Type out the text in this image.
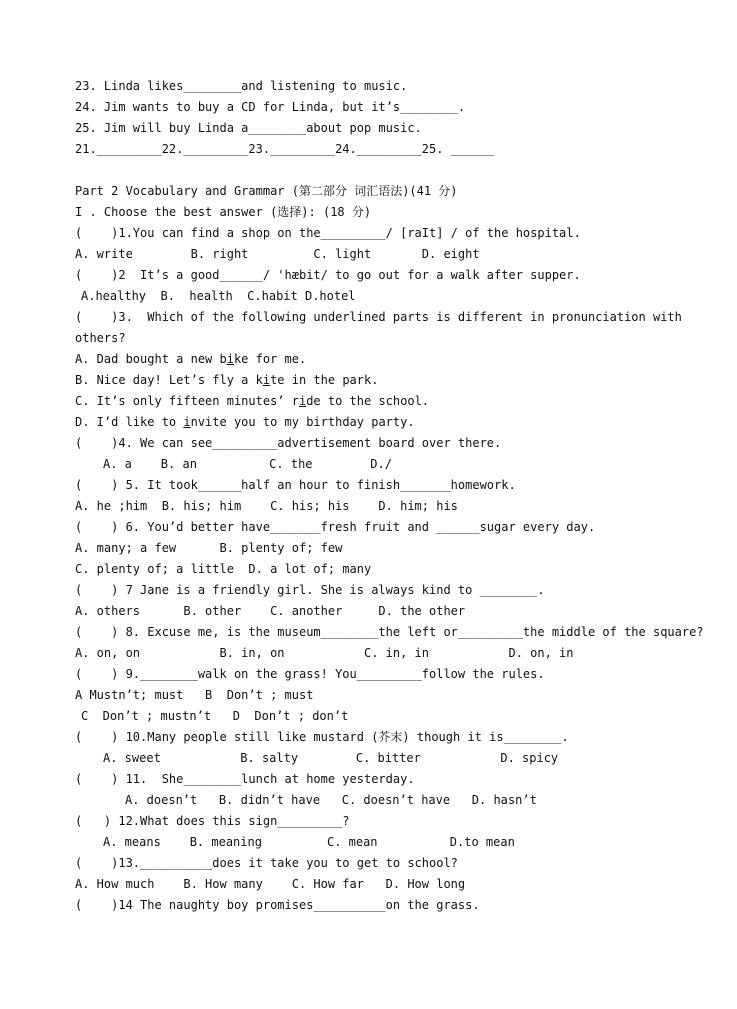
23. Linda likes________and listening to music.
24. Jim wants to buy a CD for Linda, but it’s________.
25. Jim will buy Linda a________about pop music.
21._________22._________23._________24._________25. ______
Part 2 Vocabulary and Grammar (第二部分 词汇语法)(41 分)
I . Choose the best answer (选择): (18 分)
(    )1.You can find a shop on the_________/ [raIt] / of the hospital.
A. write        B. right         C. light       D. eight
(    )2  It’s a good______/ 'hæbit/ to go out for a walk after supper.
A.healthy  B.  health  C.habit D.hotel
(    )3.  Which of the following underlined parts is different in pronunciation with
others?
A. Dad bought a new bike for me.
B. Nice day! Let’s fly a kite in the park.
C. It’s only fifteen minutes’ ride to the school.
D. I’d like to invite you to my birthday party.
(    )4. We can see_________advertisement board over there.
A. a    B. an          C. the        D./
(    ) 5. It took______half an hour to finish_______homework.
A. he ;him  B. his; him    C. his; his    D. him; his
(    ) 6. You’d better have_______fresh fruit and ______sugar every day.
A. many; a few      B. plenty of; few
C. plenty of; a little  D. a lot of; many
(    ) 7 Jane is a friendly girl. She is always kind to ________.
A. others      B. other    C. another     D. the other
(    ) 8. Excuse me, is the museum________the left or_________the middle of the square?
A. on, on           B. in, on           C. in, in           D. on, in
(    ) 9.________walk on the grass! You_________follow the rules.
A Mustn’t; must   B  Don’t ; must
C  Don’t ; mustn’t   D  Don’t ; don’t
(    ) 10.Many people still like mustard (芥末) though it is________.
A. sweet           B. salty        C. bitter           D. spicy
(    ) 11.  She________lunch at home yesterday.
A. doesn’t   B. didn’t have   C. doesn’t have   D. hasn’t
(   ) 12.What does this sign_________?
A. means    B. meaning         C. mean          D.to mean
(    )13.__________does it take you to get to school?
A. How much    B. How many    C. How far   D. How long
(    )14 The naughty boy promises__________on the grass.
